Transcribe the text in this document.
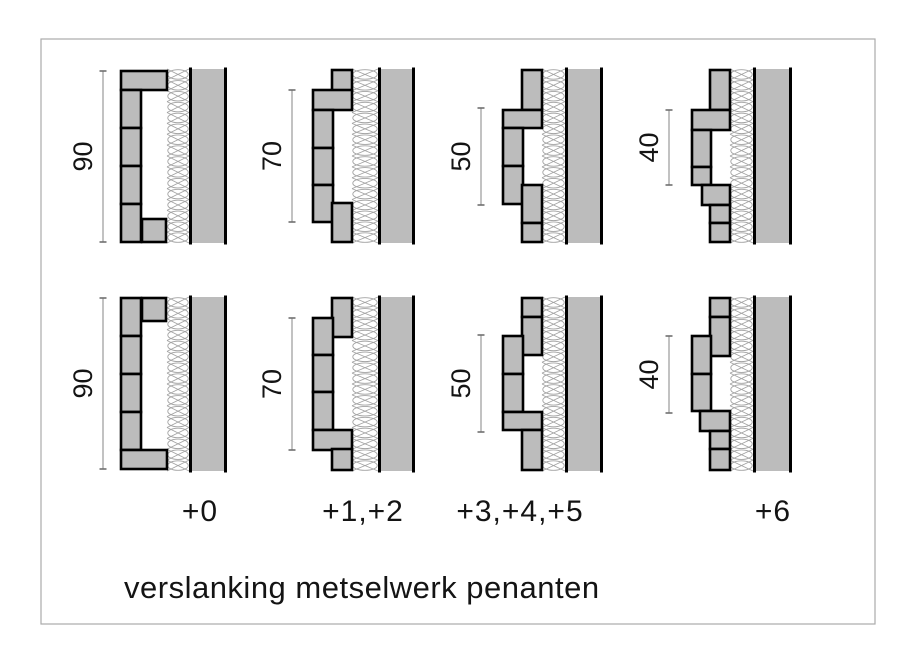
90	70	50	40
90	70	50	40
+0	+1,+2	+3,+4,+5	+6
verslanking metselwerk penanten
